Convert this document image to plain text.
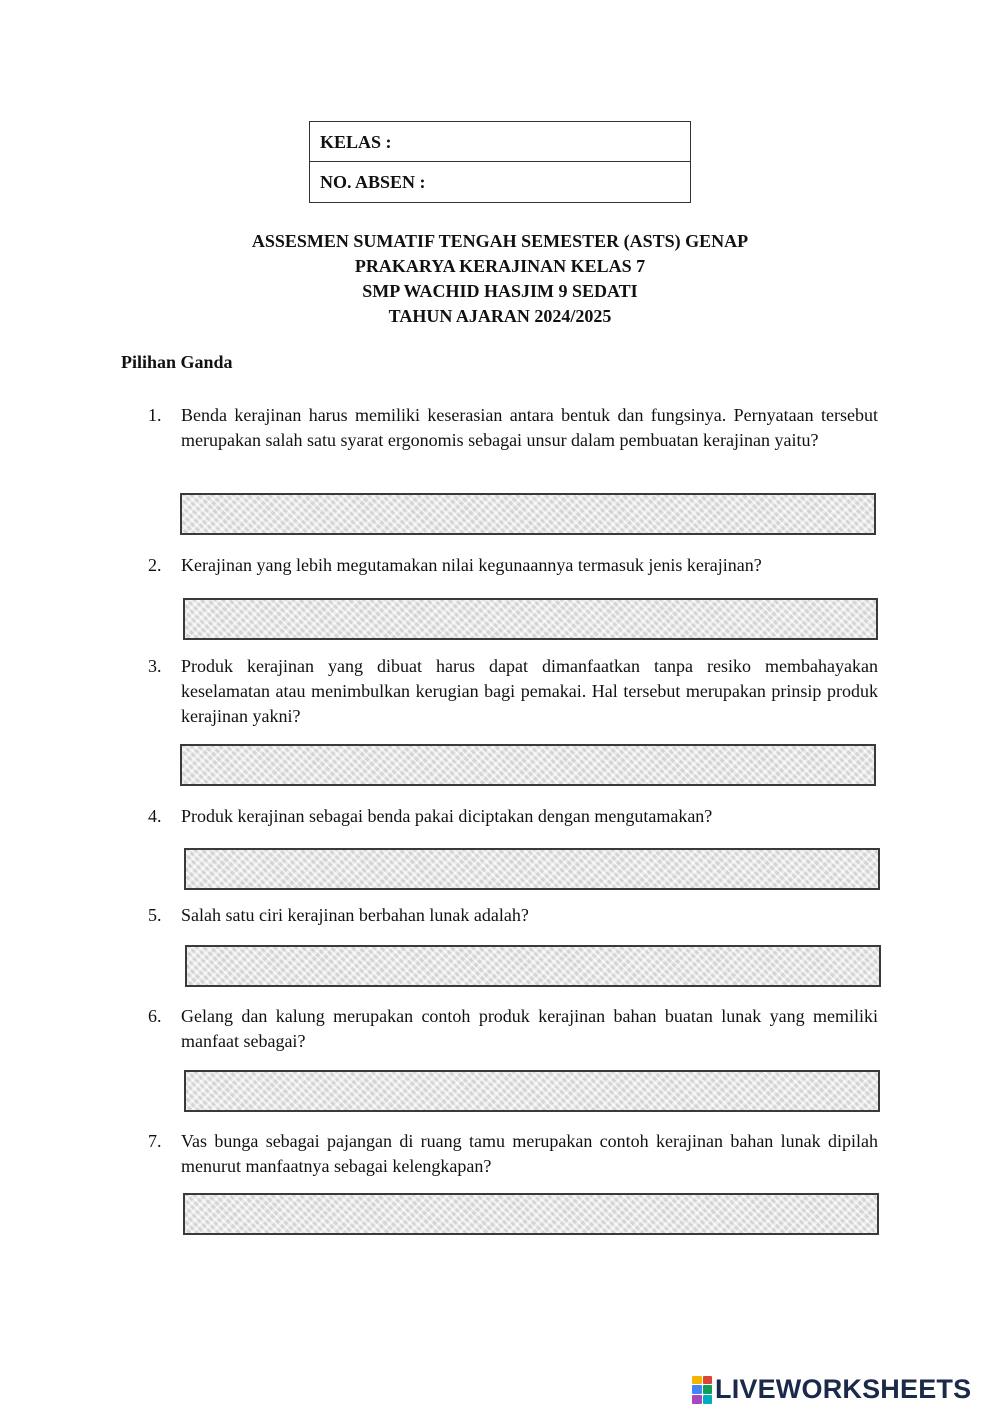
KELAS :
NO. ABSEN :
ASSESMEN SUMATIF TENGAH SEMESTER (ASTS) GENAP
PRAKARYA KERAJINAN KELAS 7
SMP WACHID HASJIM 9 SEDATI
TAHUN AJARAN 2024/2025
Pilihan Ganda
1.	Benda kerajinan harus memiliki keserasian antara bentuk dan fungsinya. Pernyataan tersebut merupakan salah satu syarat ergonomis sebagai unsur dalam pembuatan kerajinan yaitu?
2.	Kerajinan yang lebih megutamakan nilai kegunaannya termasuk jenis kerajinan?
3.	Produk kerajinan yang dibuat harus dapat dimanfaatkan tanpa resiko membahayakan keselamatan atau menimbulkan kerugian bagi pemakai. Hal tersebut merupakan prinsip produk kerajinan yakni?
4.	Produk kerajinan sebagai benda pakai diciptakan dengan mengutamakan?
5.	Salah satu ciri kerajinan berbahan lunak adalah?
6.	Gelang dan kalung merupakan contoh produk kerajinan bahan buatan lunak yang memiliki manfaat sebagai?
7.	Vas bunga sebagai pajangan di ruang tamu merupakan contoh kerajinan bahan lunak dipilah menurut manfaatnya sebagai kelengkapan?
LIVEWORKSHEETS
